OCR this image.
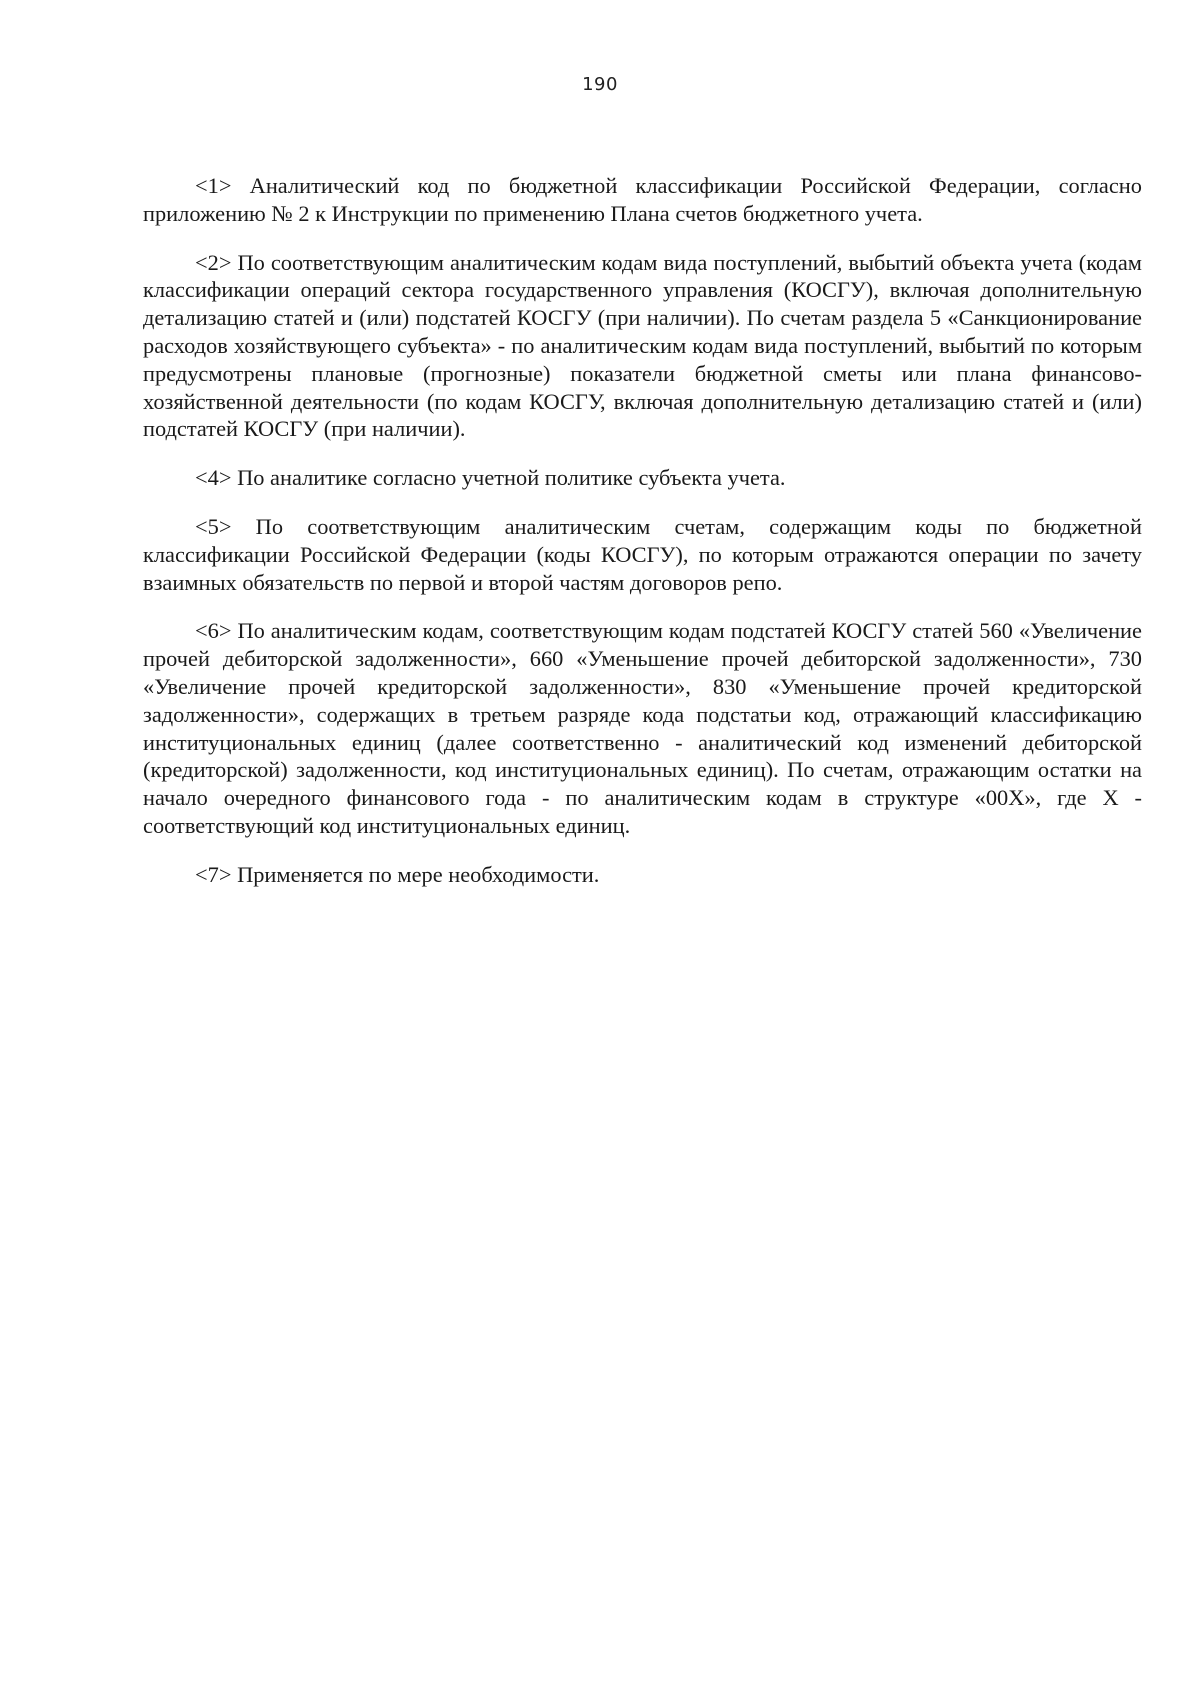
190

<1> Аналитический код по бюджетной классификации Российской Федерации, согласно приложению № 2 к Инструкции по применению Плана счетов бюджетного учета.

<2> По соответствующим аналитическим кодам вида поступлений, выбытий объекта учета (кодам классификации операций сектора государственного управления (КОСГУ), включая дополнительную детализацию статей и (или) подстатей КОСГУ (при наличии). По счетам раздела 5 «Санкционирование расходов хозяйствующего субъекта» - по аналитическим кодам вида поступлений, выбытий по которым предусмотрены плановые (прогнозные) показатели бюджетной сметы или плана финансово-хозяйственной деятельности (по кодам КОСГУ, включая дополнительную детализацию статей и (или) подстатей КОСГУ (при наличии).

<4> По аналитике согласно учетной политике субъекта учета.

<5> По соответствующим аналитическим счетам, содержащим коды по бюджетной классификации Российской Федерации (коды КОСГУ), по которым отражаются операции по зачету взаимных обязательств по первой и второй частям договоров репо.

<6> По аналитическим кодам, соответствующим кодам подстатей КОСГУ статей 560 «Увеличение прочей дебиторской задолженности», 660 «Уменьшение прочей дебиторской задолженности», 730 «Увеличение прочей кредиторской задолженности», 830 «Уменьшение прочей кредиторской задолженности», содержащих в третьем разряде кода подстатьи код, отражающий классификацию институциональных единиц (далее соответственно - аналитический код изменений дебиторской (кредиторской) задолженности, код институциональных единиц). По счетам, отражающим остатки на начало очередного финансового года - по аналитическим кодам в структуре «00X», где X - соответствующий код институциональных единиц.

<7> Применяется по мере необходимости.
